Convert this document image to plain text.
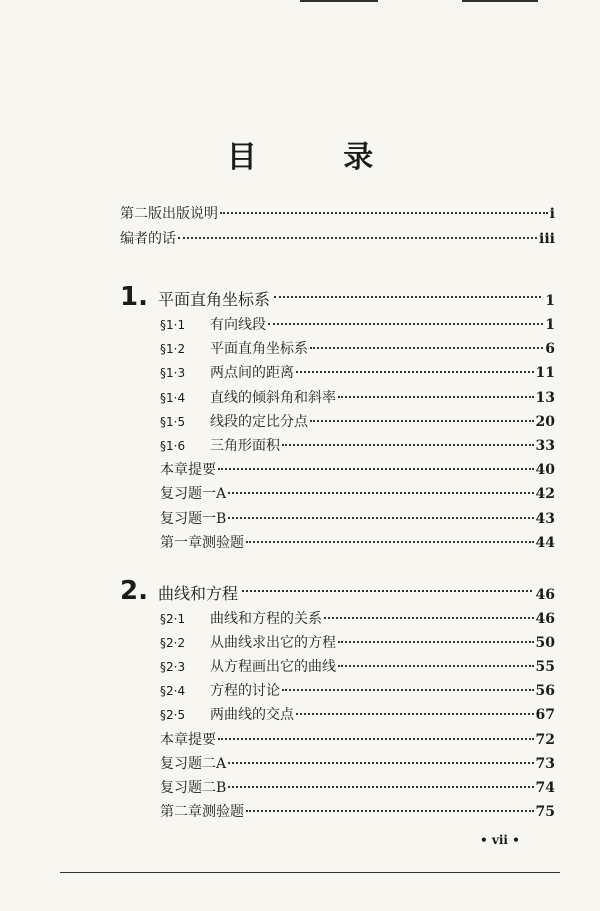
目 录
第二版出版说明	i
编者的话	iii
1. 平面直角坐标系	1
§1·1 有向线段	1
§1·2 平面直角坐标系	6
§1·3 两点间的距离	11
§1·4 直线的倾斜角和斜率	13
§1·5 线段的定比分点	20
§1·6 三角形面积	33
本章提要	40
复习题一A	42
复习题一B	43
第一章测验题	44
2. 曲线和方程	46
§2·1 曲线和方程的关系	46
§2·2 从曲线求出它的方程	50
§2·3 从方程画出它的曲线	55
§2·4 方程的讨论	56
§2·5 两曲线的交点	67
本章提要	72
复习题二A	73
复习题二B	74
第二章测验题	75
• vii •
